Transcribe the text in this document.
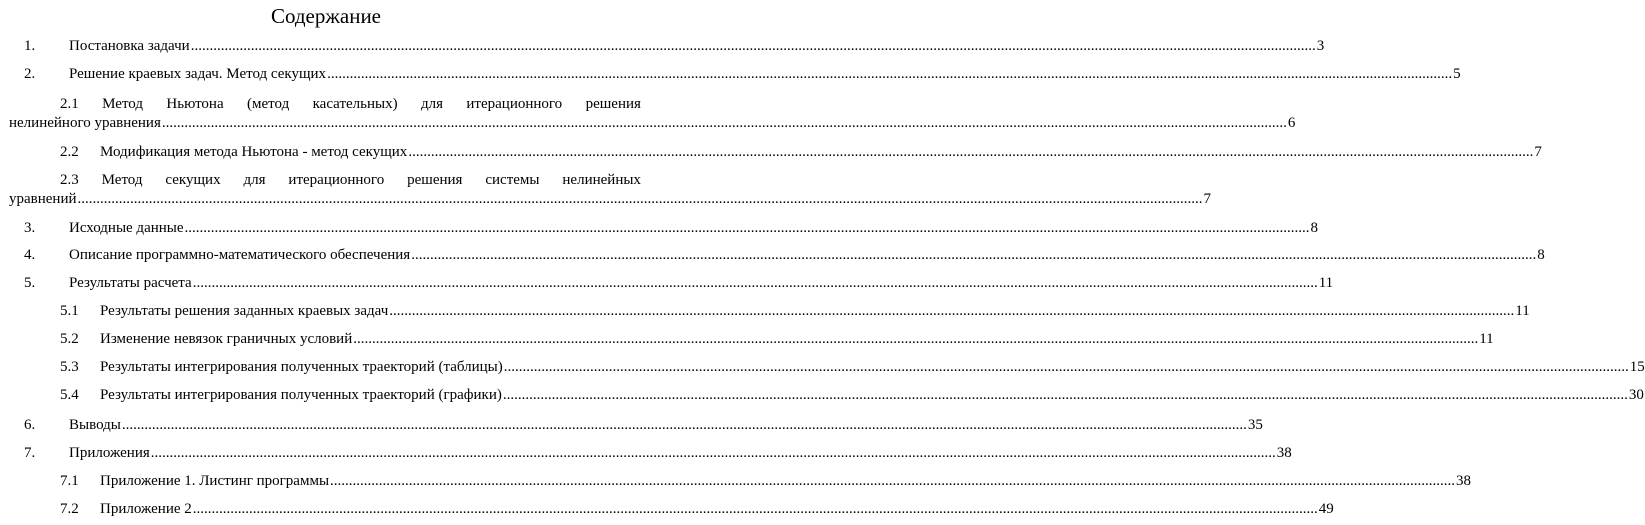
Содержание
1.	Постановка задачи ............................................................................................................................................................................................................................................................................................................ 3
2.	Решение краевых задач. Метод секущих ............................................................................................................................................................................................................................................................................................................ 5
2.1 Метод Ньютона (метод касательных) для итерационного решения
нелинейного уравнения ............................................................................................................................................................................................................................................................................................................ 6
2.2	Модификация метода Ньютона - метод секущих ............................................................................................................................................................................................................................................................................................................ 7
2.3 Метод секущих для итерационного решения системы нелинейных
уравнений ............................................................................................................................................................................................................................................................................................................ 7
3.	Исходные данные ............................................................................................................................................................................................................................................................................................................ 8
4.	Описание программно-математического обеспечения ............................................................................................................................................................................................................................................................................................................ 8
5.	Результаты расчета ............................................................................................................................................................................................................................................................................................................ 11
5.1	Результаты решения заданных краевых задач ............................................................................................................................................................................................................................................................................................................ 11
5.2	Изменение невязок граничных условий ............................................................................................................................................................................................................................................................................................................ 11
5.3	Результаты интегрирования полученных траекторий (таблицы) ............................................................................................................................................................................................................................................................................................................ 15
5.4	Результаты интегрирования полученных траекторий (графики) ............................................................................................................................................................................................................................................................................................................ 30
6.	Выводы ............................................................................................................................................................................................................................................................................................................ 35
7.	Приложения ............................................................................................................................................................................................................................................................................................................ 38
7.1	Приложение 1. Листинг программы ............................................................................................................................................................................................................................................................................................................ 38
7.2	Приложение 2 ............................................................................................................................................................................................................................................................................................................ 49
